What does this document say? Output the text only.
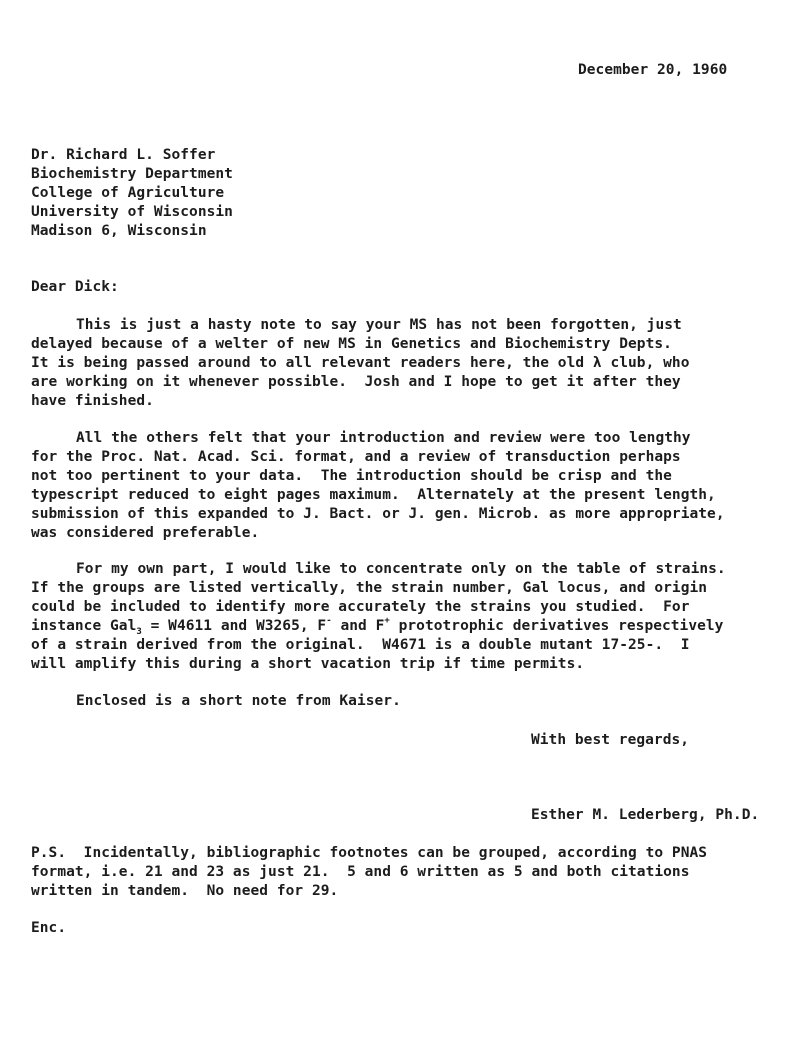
December 20, 1960
Dr. Richard L. Soffer
Biochemistry Department
College of Agriculture
University of Wisconsin
Madison 6, Wisconsin
Dear Dick:
This is just a hasty note to say your MS has not been forgotten, just
delayed because of a welter of new MS in Genetics and Biochemistry Depts.
It is being passed around to all relevant readers here, the old λ club, who
are working on it whenever possible.  Josh and I hope to get it after they
have finished.
All the others felt that your introduction and review were too lengthy
for the Proc. Nat. Acad. Sci. format, and a review of transduction perhaps
not too pertinent to your data.  The introduction should be crisp and the
typescript reduced to eight pages maximum.  Alternately at the present length,
submission of this expanded to J. Bact. or J. gen. Microb. as more appropriate,
was considered preferable.
For my own part, I would like to concentrate only on the table of strains.
If the groups are listed vertically, the strain number, Gal locus, and origin
could be included to identify more accurately the strains you studied.  For
instance Gal$_3$ = W4611 and W3265, F- and F+ prototrophic derivatives respectively
of a strain derived from the original.  W4671 is a double mutant 17-25-.  I
will amplify this during a short vacation trip if time permits.
Enclosed is a short note from Kaiser.
With best regards,
Esther M. Lederberg, Ph.D.
P.S.  Incidentally, bibliographic footnotes can be grouped, according to PNAS
format, i.e. 21 and 23 as just 21.  5 and 6 written as 5 and both citations
written in tandem.  No need for 29.
Enc.
